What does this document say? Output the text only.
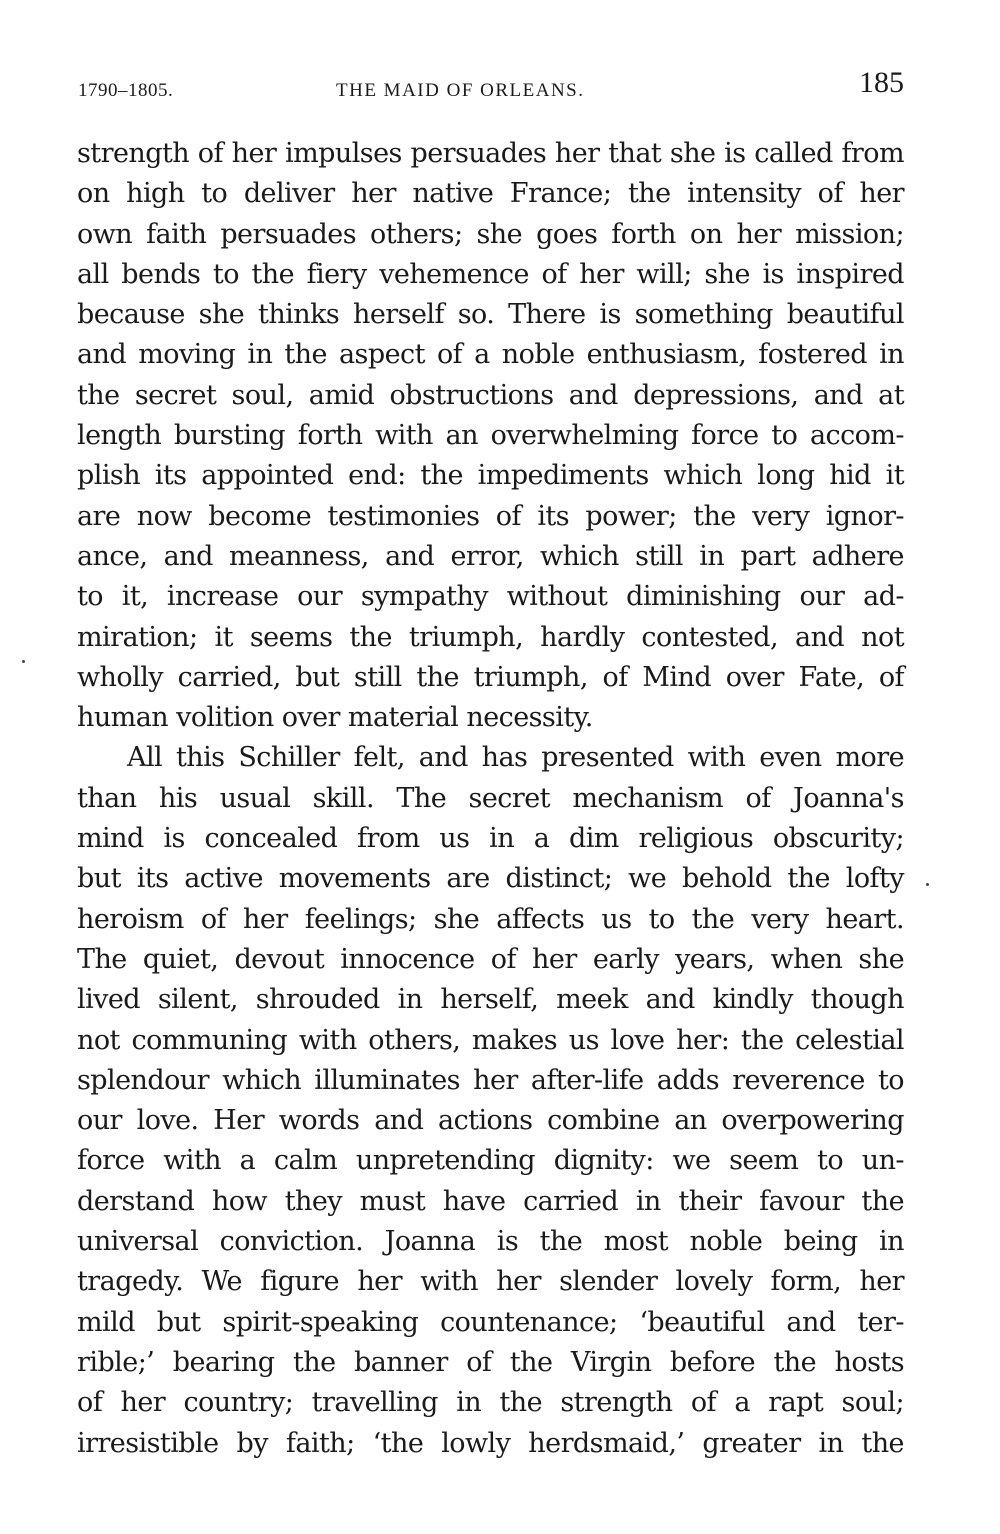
1790–1805.	THE MAID OF ORLEANS.	185
strength of her impulses persuades her that she is called from
on high to deliver her native France; the intensity of her
own faith persuades others; she goes forth on her mission;
all bends to the fiery vehemence of her will; she is inspired
because she thinks herself so. There is something beautiful
and moving in the aspect of a noble enthusiasm, fostered in
the secret soul, amid obstructions and depressions, and at
length bursting forth with an overwhelming force to accom-
plish its appointed end: the impediments which long hid it
are now become testimonies of its power; the very ignor-
ance, and meanness, and error, which still in part adhere
to it, increase our sympathy without diminishing our ad-
miration; it seems the triumph, hardly contested, and not
wholly carried, but still the triumph, of Mind over Fate, of
human volition over material necessity.
All this Schiller felt, and has presented with even more
than his usual skill. The secret mechanism of Joanna's
mind is concealed from us in a dim religious obscurity;
but its active movements are distinct; we behold the lofty
heroism of her feelings; she affects us to the very heart.
The quiet, devout innocence of her early years, when she
lived silent, shrouded in herself, meek and kindly though
not communing with others, makes us love her: the celestial
splendour which illuminates her after-life adds reverence to
our love. Her words and actions combine an overpowering
force with a calm unpretending dignity: we seem to un-
derstand how they must have carried in their favour the
universal conviction. Joanna is the most noble being in
tragedy. We figure her with her slender lovely form, her
mild but spirit-speaking countenance; ‘beautiful and ter-
rible;’ bearing the banner of the Virgin before the hosts
of her country; travelling in the strength of a rapt soul;
irresistible by faith; ‘the lowly herdsmaid,’ greater in the
